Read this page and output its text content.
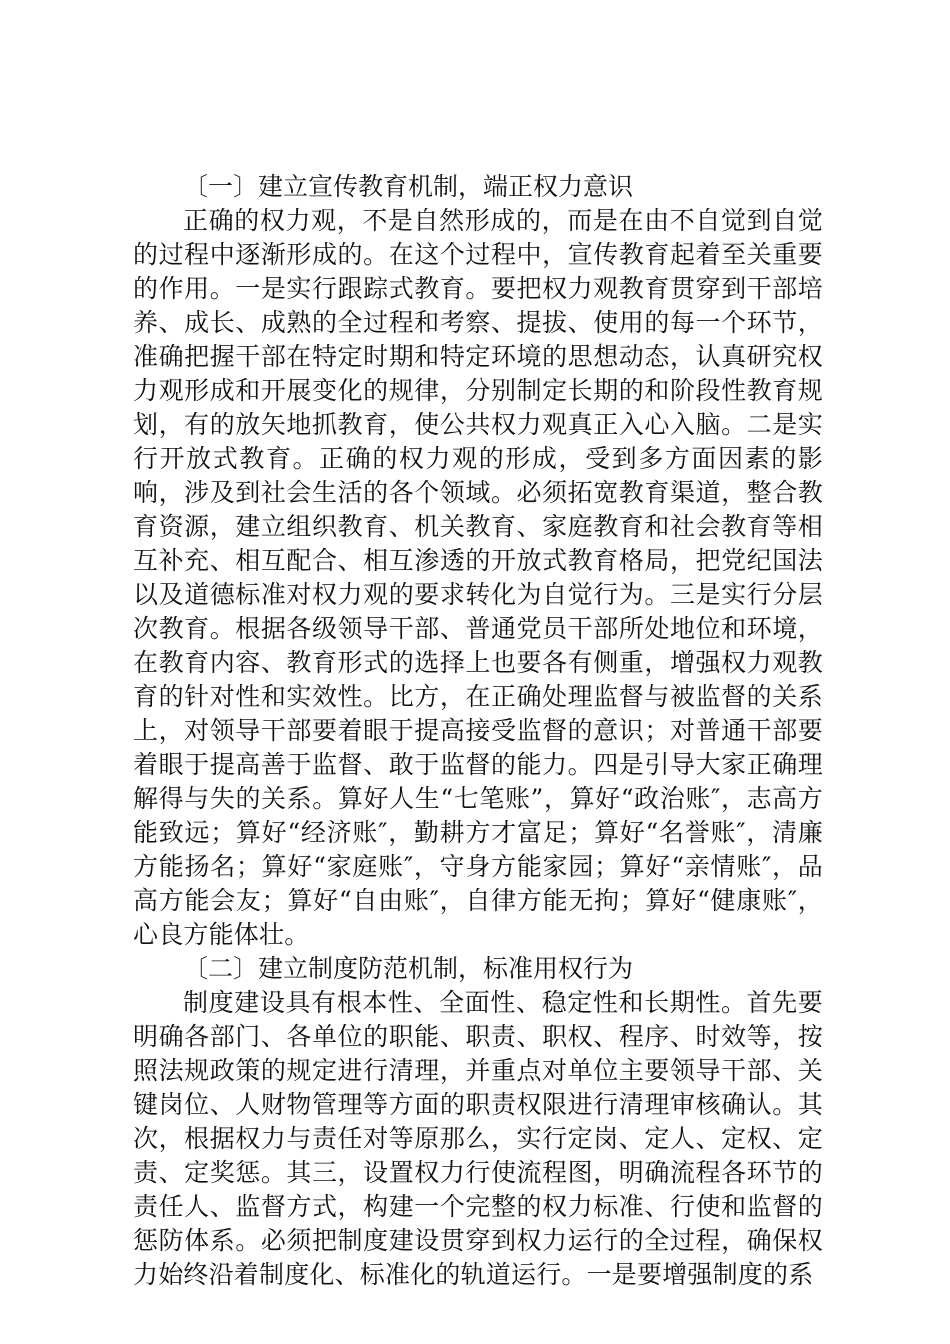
〔一〕建立宣传教育机制，端正权力意识

正确的权力观，不是自然形成的，而是在由不自觉到自觉的过程中逐渐形成的。在这个过程中，宣传教育起着至关重要的作用。一是实行跟踪式教育。要把权力观教育贯穿到干部培养、成长、成熟的全过程和考察、提拔、使用的每一个环节，准确把握干部在特定时期和特定环境的思想动态，认真研究权力观形成和开展变化的规律，分别制定长期的和阶段性教育规划，有的放矢地抓教育，使公共权力观真正入心入脑。二是实行开放式教育。正确的权力观的形成，受到多方面因素的影响，涉及到社会生活的各个领域。必须拓宽教育渠道，整合教育资源，建立组织教育、机关教育、家庭教育和社会教育等相互补充、相互配合、相互渗透的开放式教育格局，把党纪国法以及道德标准对权力观的要求转化为自觉行为。三是实行分层次教育。根据各级领导干部、普通党员干部所处地位和环境，在教育内容、教育形式的选择上也要各有侧重，增强权力观教育的针对性和实效性。比方，在正确处理监督与被监督的关系上，对领导干部要着眼于提高接受监督的意识；对普通干部要着眼于提高善于监督、敢于监督的能力。四是引导大家正确理解得与失的关系。算好人生“七笔账”，算好“政治账″，志高方能致远；算好“经济账″，勤耕方才富足；算好“名誉账″，清廉方能扬名；算好“家庭账″，守身方能家园；算好“亲情账″，品高方能会友；算好“自由账″，自律方能无拘；算好“健康账″，心良方能体壮。

〔二〕建立制度防范机制，标准用权行为

制度建设具有根本性、全面性、稳定性和长期性。首先要明确各部门、各单位的职能、职责、职权、程序、时效等，按照法规政策的规定进行清理，并重点对单位主要领导干部、关键岗位、人财物管理等方面的职责权限进行清理审核确认。其次，根据权力与责任对等原那么，实行定岗、定人、定权、定责、定奖惩。其三，设置权力行使流程图，明确流程各环节的责任人、监督方式，构建一个完整的权力标准、行使和监督的惩防体系。必须把制度建设贯穿到权力运行的全过程，确保权力始终沿着制度化、标准化的轨道运行。一是要增强制度的系
